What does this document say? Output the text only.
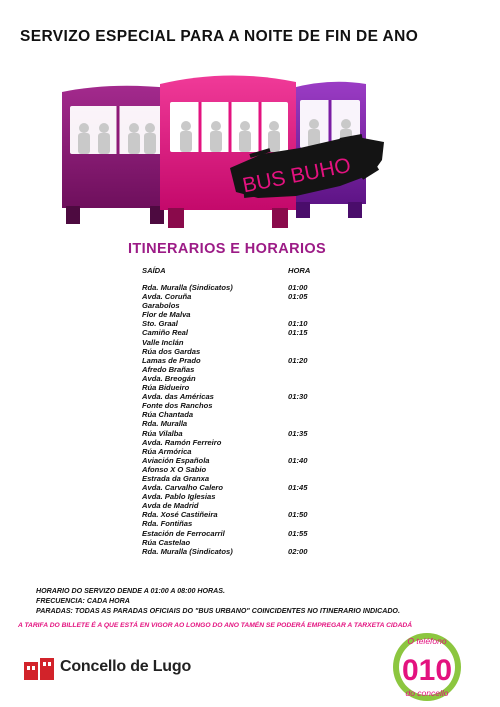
SERVIZO ESPECIAL PARA A NOITE DE FIN DE ANO
BUS BUHO
ITINERARIOS E HORARIOS
SAÍDA	HORA
Rda. Muralla (Sindicatos)	01:00
Avda. Coruña	01:05
Garabolos
Flor de Malva
Sto. Graal	01:10
Camiño Real	01:15
Valle Inclán
Rúa dos Gardas
Lamas de Prado	01:20
Afredo Brañas
Avda. Breogán
Rúa Bidueiro
Avda. das Américas	01:30
Fonte dos Ranchos
Rúa Chantada
Rda. Muralla
Rúa Vilalba	01:35
Avda. Ramón Ferreiro
Rúa Armórica
Aviación Española	01:40
Afonso X O Sabio
Estrada da Granxa
Avda. Carvalho Calero	01:45
Avda. Pablo Iglesias
Avda de Madrid
Rda. Xosé Castiñeira	01:50
Rda. Fontiñas
Estación de Ferrocarril	01:55
Rúa Castelao
Rda. Muralla (Sindicatos)	02:00
HORARIO DO SERVIZO DENDE A 01:00 A 08:00 HORAS.
FRECUENCIA: CADA HORA
PARADAS: TODAS AS PARADAS OFICIAIS DO "BUS URBANO" COINCIDENTES NO ITINERARIO INDICADO.
A TARIFA DO BILLETE É A QUE ESTÁ EN VIGOR AO LONGO DO ANO TAMÉN SE PODERÁ EMPREGAR A TARXETA CIDADÁ
Concello de Lugo
O teléfono
010
do concello
